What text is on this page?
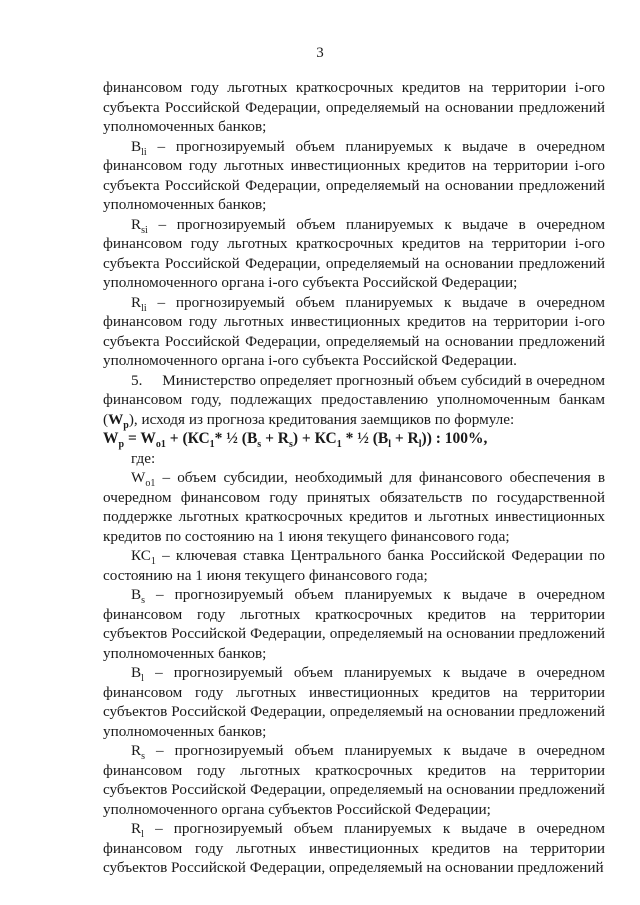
3

финансовом году льготных краткосрочных кредитов на территории i-ого субъекта Российской Федерации, определяемый на основании предложений уполномоченных банков;

$B_{li}$ – прогнозируемый объем планируемых к выдаче в очередном финансовом году льготных инвестиционных кредитов на территории i-ого субъекта Российской Федерации, определяемый на основании предложений уполномоченных банков;

$R_{si}$ – прогнозируемый объем планируемых к выдаче в очередном финансовом году льготных краткосрочных кредитов на территории i-ого субъекта Российской Федерации, определяемый на основании предложений уполномоченного органа i-ого субъекта Российской Федерации;

$R_{li}$ – прогнозируемый объем планируемых к выдаче в очередном финансовом году льготных инвестиционных кредитов на территории i-ого субъекта Российской Федерации, определяемый на основании предложений уполномоченного органа i-ого субъекта Российской Федерации.

5. Министерство определяет прогнозный объем субсидий в очередном финансовом году, подлежащих предоставлению уполномоченным банкам $(W_p)$, исходя из прогноза кредитования заемщиков по формуле:

$W_p = W_{o1} + (КС_1*$ ½ $(B_s + R_s) + КС_1$ * ½ $(B_l + R_l)$) : 100%,

где:

$W_{o1}$ – объем субсидии, необходимый для финансового обеспечения в очередном финансовом году принятых обязательств по государственной поддержке льготных краткосрочных кредитов и льготных инвестиционных кредитов по состоянию на 1 июня текущего финансового года;

$КС_1$ – ключевая ставка Центрального банка Российской Федерации по состоянию на 1 июня текущего финансового года;

$B_s$ – прогнозируемый объем планируемых к выдаче в очередном финансовом году льготных краткосрочных кредитов на территории субъектов Российской Федерации, определяемый на основании предложений уполномоченных банков;

$B_l$ – прогнозируемый объем планируемых к выдаче в очередном финансовом году льготных инвестиционных кредитов на территории субъектов Российской Федерации, определяемый на основании предложений уполномоченных банков;

$R_s$ – прогнозируемый объем планируемых к выдаче в очередном финансовом году льготных краткосрочных кредитов на территории субъектов Российской Федерации, определяемый на основании предложений уполномоченного органа субъектов Российской Федерации;

$R_l$ – прогнозируемый объем планируемых к выдаче в очередном финансовом году льготных инвестиционных кредитов на территории субъектов Российской Федерации, определяемый на основании предложений
